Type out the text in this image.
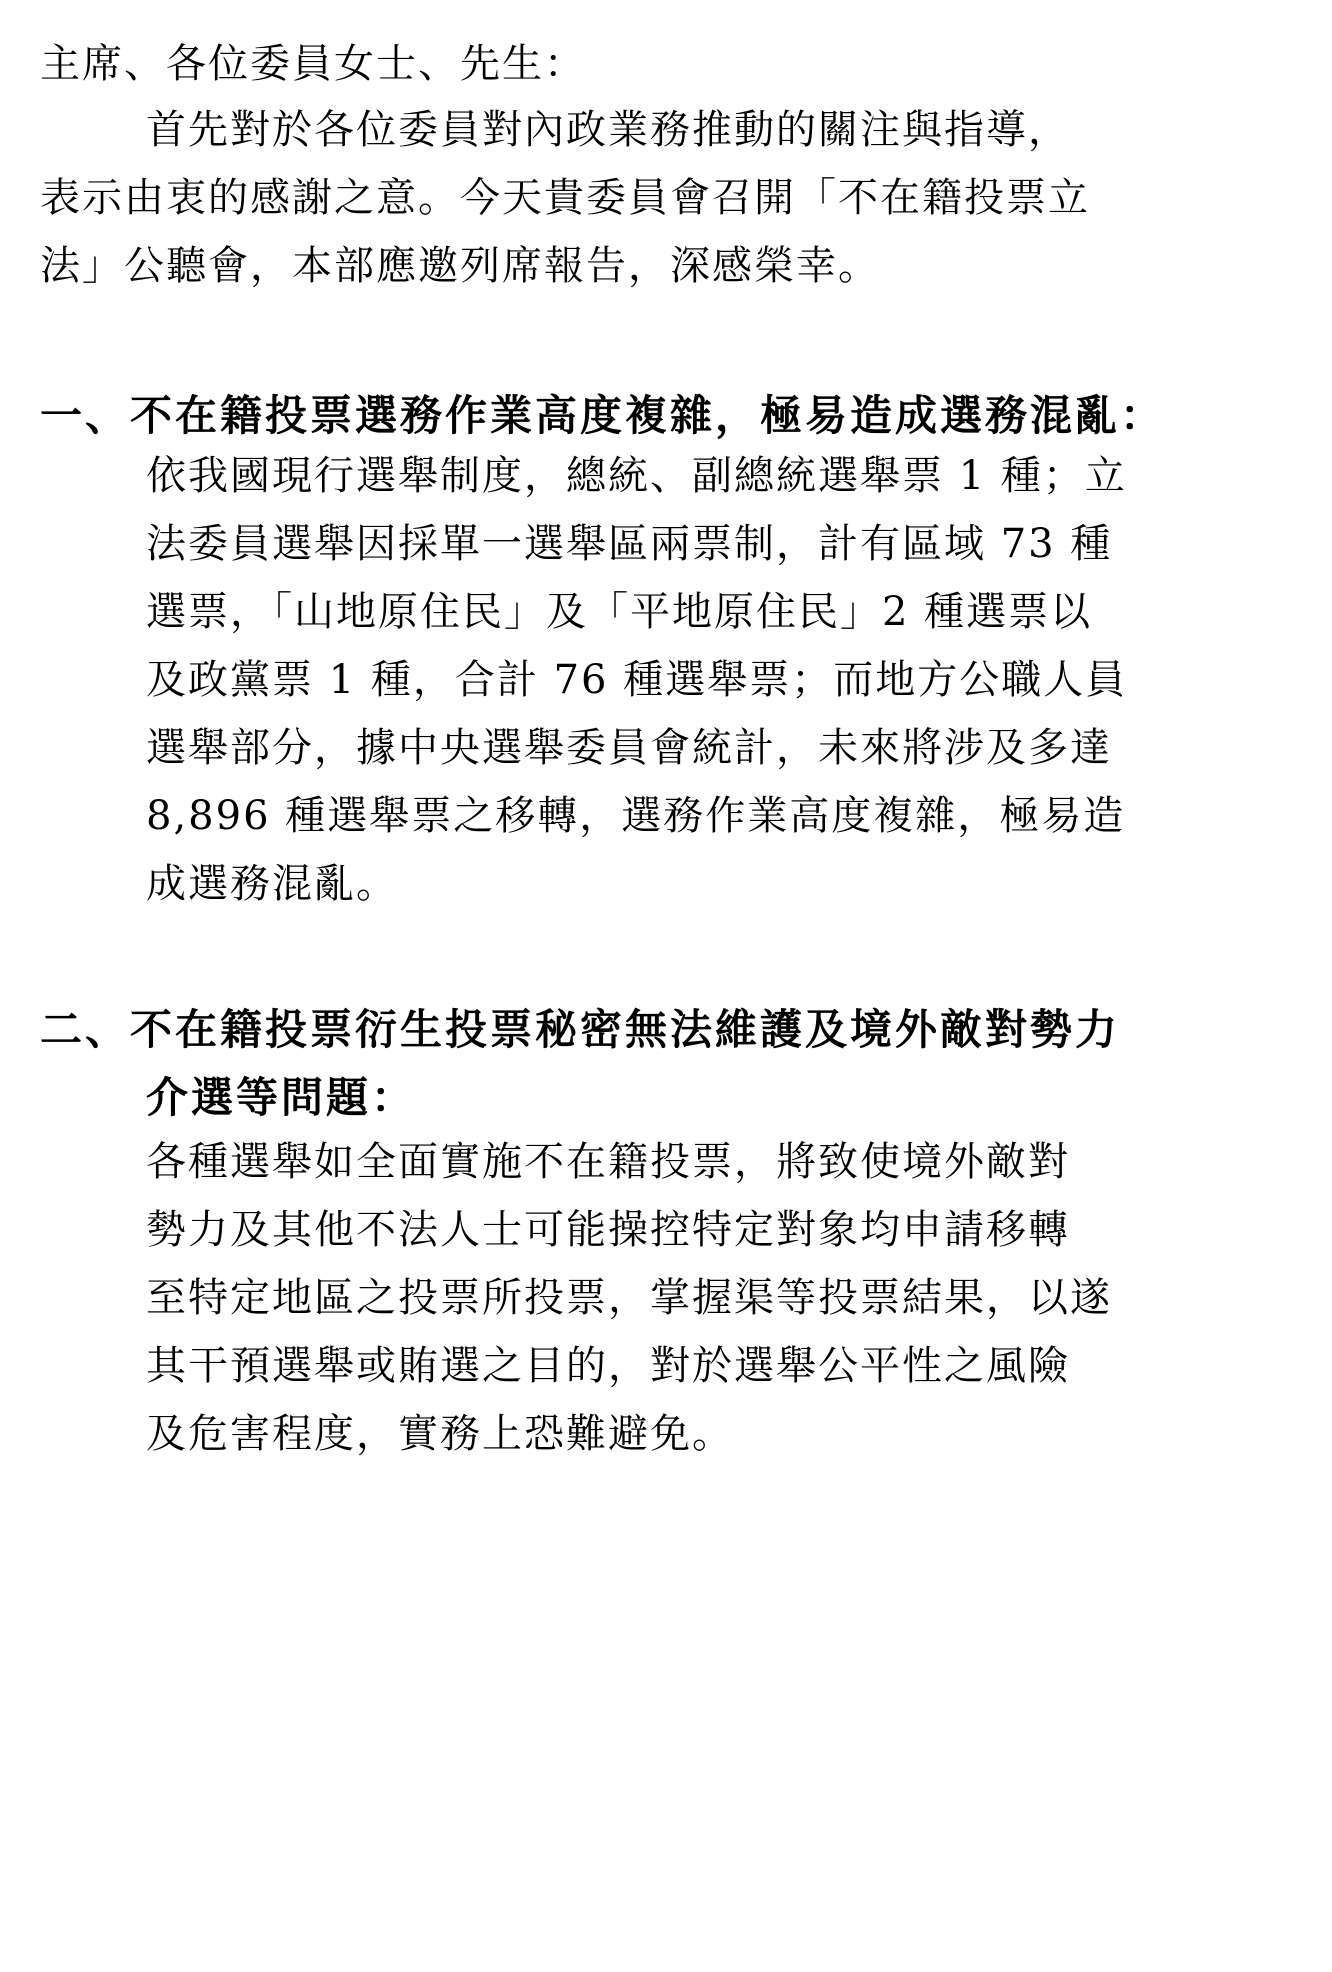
主席、各位委員女士、先生：

首先對於各位委員對內政業務推動的關注與指導，

表示由衷的感謝之意。今天貴委員會召開「不在籍投票立

法」公聽會，本部應邀列席報告，深感榮幸。

一、不在籍投票選務作業高度複雜，極易造成選務混亂：

依我國現行選舉制度，總統、副總統選舉票 1 種；立

法委員選舉因採單一選舉區兩票制，計有區域 73 種

選票，「山地原住民」及「平地原住民」2 種選票以

及政黨票 1 種，合計 76 種選舉票；而地方公職人員

選舉部分，據中央選舉委員會統計，未來將涉及多達

8,896 種選舉票之移轉，選務作業高度複雜，極易造

成選務混亂。

二、不在籍投票衍生投票秘密無法維護及境外敵對勢力

介選等問題：

各種選舉如全面實施不在籍投票，將致使境外敵對

勢力及其他不法人士可能操控特定對象均申請移轉

至特定地區之投票所投票，掌握渠等投票結果，以遂

其干預選舉或賄選之目的，對於選舉公平性之風險

及危害程度，實務上恐難避免。
